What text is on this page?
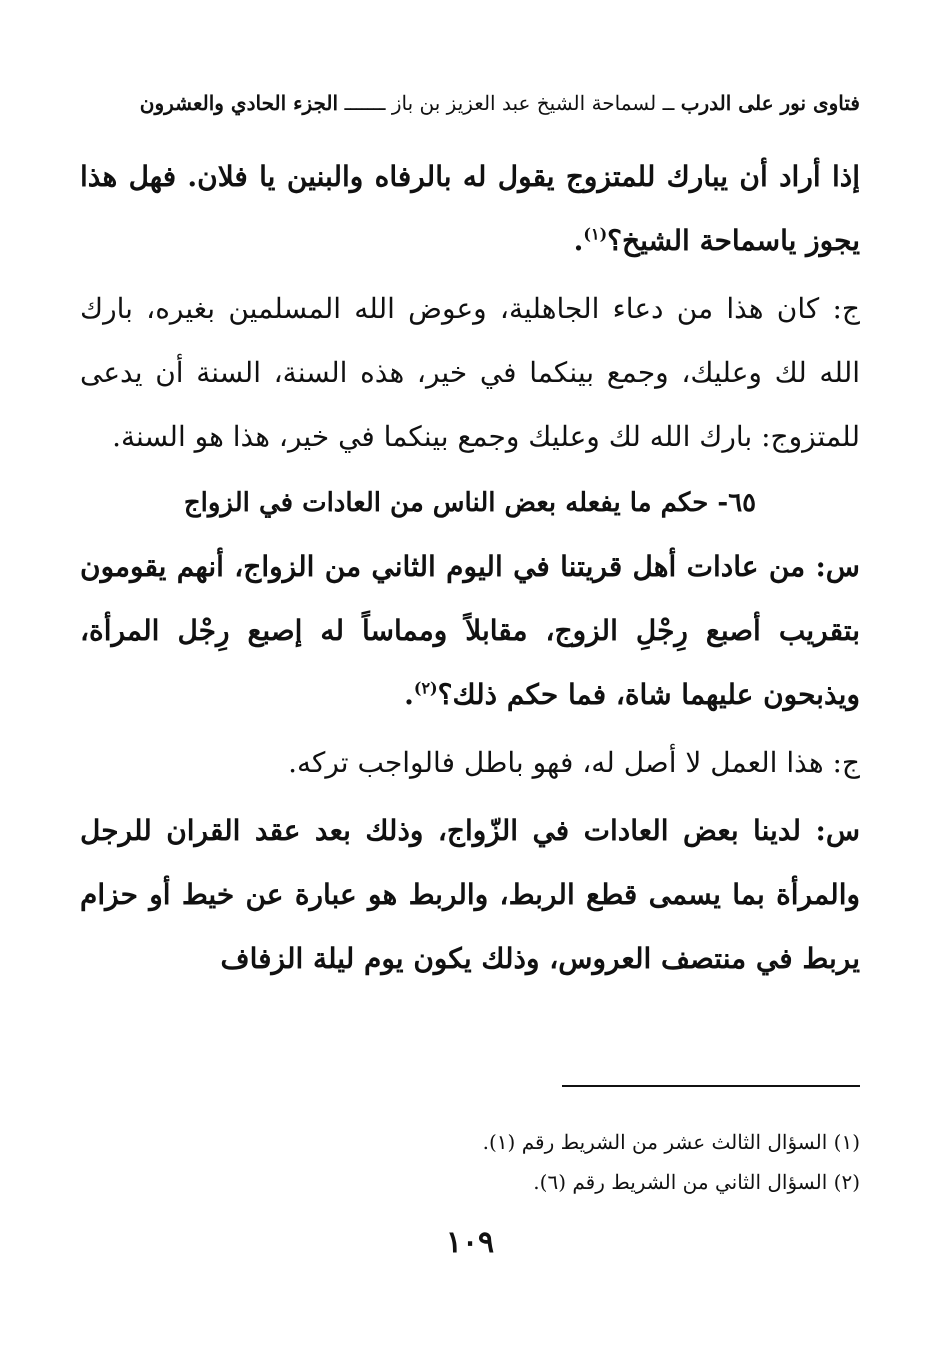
فتاوى نور على الدرب ــ لسماحة الشيخ عبد العزيز بن باز ـــــــ الجزء الحادي والعشرون

إذا أراد أن يبارك للمتزوج يقول له بالرفاه والبنين يا فلان. فهل هذا يجوز ياسماحة الشيخ؟$^{(١)}$.

ج: كان هذا من دعاء الجاهلية، وعوض الله المسلمين بغيره، بارك الله لك وعليك، وجمع بينكما في خير، هذه السنة، السنة أن يدعى للمتزوج: بارك الله لك وعليك وجمع بينكما في خير، هذا هو السنة.

٦٥- حكم ما يفعله بعض الناس من العادات في الزواج

س: من عادات أهل قريتنا في اليوم الثاني من الزواج، أنهم يقومون بتقريب أصبع رِجْلِ الزوج، مقابلاً ومماساً له إصبع رِجْل المرأة، ويذبحون عليهما شاة، فما حكم ذلك؟$^{(٢)}$.

ج: هذا العمل لا أصل له، فهو باطل فالواجب تركه.

س: لدينا بعض العادات في الزّواج، وذلك بعد عقد القران للرجل والمرأة بما يسمى قطع الربط، والربط هو عبارة عن خيط أو حزام يربط في منتصف العروس، وذلك يكون يوم ليلة الزفاف

(١) السؤال الثالث عشر من الشريط رقم (١).

(٢) السؤال الثاني من الشريط رقم (٦).

١٠٩
